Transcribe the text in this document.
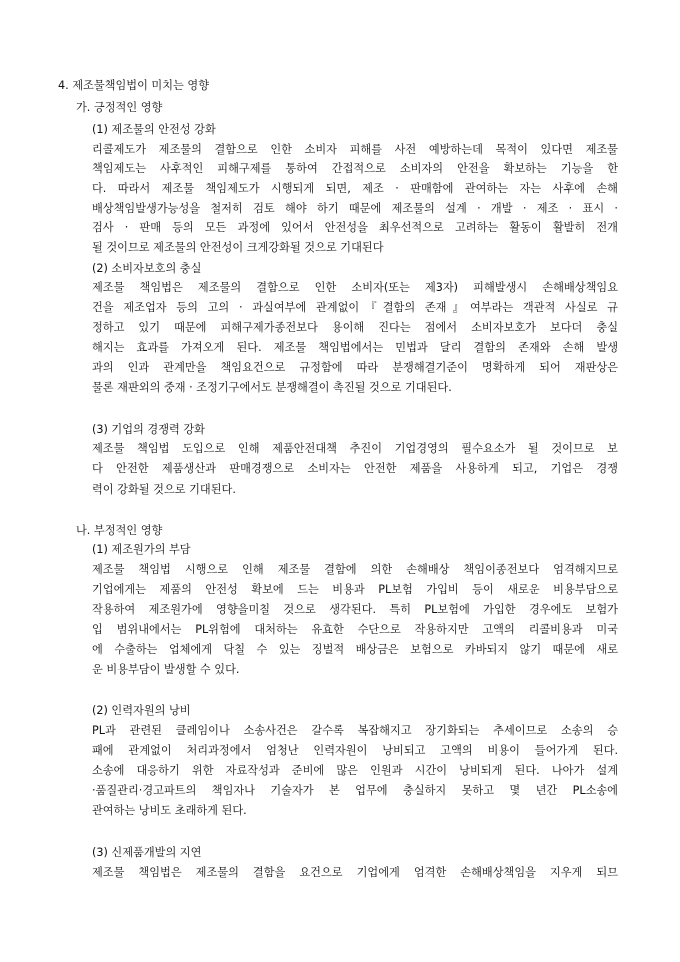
4. 제조물책임법이 미치는 영향
가. 긍정적인 영향
(1) 제조물의 안전성 강화
리콜제도가 제조물의 결함으로 인한 소비자 피해를 사전 예방하는데 목적이 있다면 제조물
책임제도는 사후적인 피해구제를 통하여 간접적으로 소비자의 안전을 확보하는 기능을 한
다. 따라서 제조물 책임제도가 시행되게 되면, 제조 · 판매함에 관여하는 자는 사후에 손해
배상책임발생가능성을 철저히 검토 해야 하기 때문에 제조물의 설계 · 개발 · 제조 · 표시 ·
검사 · 판매 등의 모든 과정에 있어서 안전성을 최우선적으로 고려하는 활동이 활발히 전개
될 것이므로 제조물의 안전성이 크게강화될 것으로 기대된다
(2) 소비자보호의 충실
제조물 책임법은 제조물의 결함으로 인한 소비자(또는 제3자) 피해발생시 손해배상책임요
건을 제조업자 등의 고의 · 과실여부에 관계없이『결함의 존재』여부라는 객관적 사실로 규
정하고 있기 때문에 피해구제가종전보다 용이해 진다는 점에서 소비자보호가 보다더 충실
해지는 효과를 가져오게 된다. 제조물 책임법에서는 민법과 달리 결함의 존재와 손해 발생
과의 인과 관계만을 책임요건으로 규정함에 따라 분쟁해결기준이 명확하게 되어 재판상은
물론 재판외의 중재 · 조정기구에서도 분쟁해결이 촉진될 것으로 기대된다.
(3) 기업의 경쟁력 강화
제조물 책임법 도입으로 인해 제품안전대책 추진이 기업경영의 필수요소가 될 것이므로 보
다 안전한 제품생산과 판매경쟁으로 소비자는 안전한 제품을 사용하게 되고, 기업은 경쟁
력이 강화될 것으로 기대된다.
나. 부정적인 영향
(1) 제조원가의 부담
제조물 책임법 시행으로 인해 제조물 결함에 의한 손해배상 책임이종전보다 엄격해지므로
기업에게는 제품의 안전성 확보에 드는 비용과 PL보험 가입비 등이 새로운 비용부담으로
작용하여 제조원가에 영향을미칠 것으로 생각된다. 특히 PL보험에 가입한 경우에도 보험가
입 범위내에서는 PL위험에 대처하는 유효한 수단으로 작용하지만 고액의 리콜비용과 미국
에 수출하는 업체에게 닥칠 수 있는 징벌적 배상금은 보험으로 카바되지 않기 때문에 새로
운 비용부담이 발생할 수 있다.
(2) 인력자원의 낭비
PL과 관련된 클레임이나 소송사건은 갈수록 복잡해지고 장기화되는 추세이므로 소송의 승
패에 관계없이 처리과정에서 엄청난 인력자원이 낭비되고 고액의 비용이 들어가게 된다.
소송에 대응하기 위한 자료작성과 준비에 많은 인원과 시간이 낭비되게 된다. 나아가 설계
·품질관리·경고파트의 책임자나 기술자가 본 업무에 충실하지 못하고 몇 년간 PL소송에
관여하는 낭비도 초래하게 된다.
(3) 신제품개발의 지연
제조물 책임법은 제조물의 결함을 요건으로 기업에게 엄격한 손해배상책임을 지우게 되므
